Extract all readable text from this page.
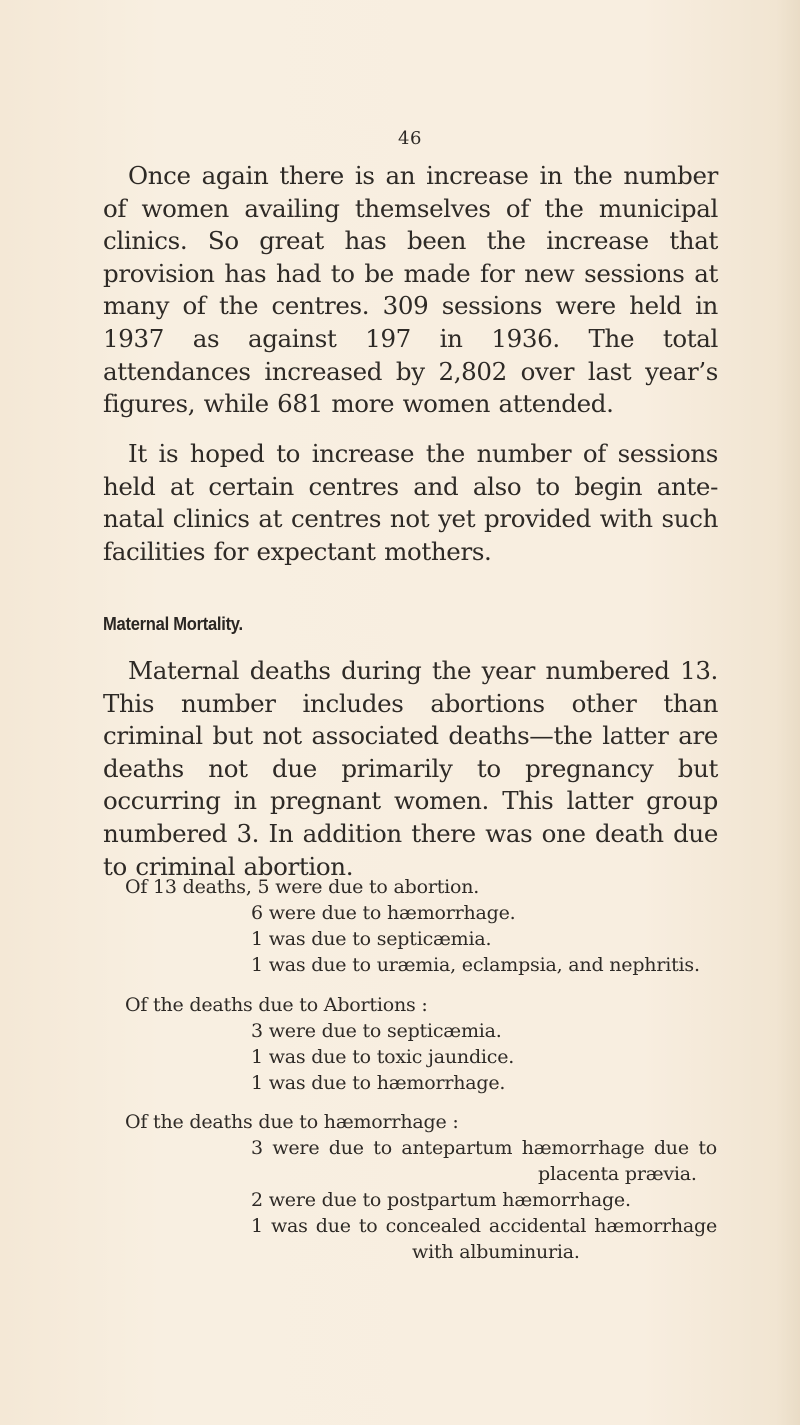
46

Once again there is an increase in the number of women availing themselves of the municipal clinics. So great has been the increase that provision has had to be made for new sessions at many of the centres. 309 sessions were held in 1937 as against 197 in 1936. The total attendances increased by 2,802 over last year’s figures, while 681 more women attended.

It is hoped to increase the number of sessions held at certain centres and also to begin ante-natal clinics at centres not yet provided with such facilities for expectant mothers.

Maternal Mortality.

Maternal deaths during the year numbered 13. This number includes abortions other than criminal but not associated deaths—the latter are deaths not due primarily to pregnancy but occurring in pregnant women. This latter group numbered 3. In addition there was one death due to criminal abortion.

Of 13 deaths, 5 were due to abortion.
6 were due to hæmorrhage.
1 was due to septicæmia.
1 was due to uræmia, eclampsia, and nephritis.
Of the deaths due to Abortions :
3 were due to septicæmia.
1 was due to toxic jaundice.
1 was due to hæmorrhage.
Of the deaths due to hæmorrhage :
3 were due to antepartum hæmorrhage due to
placenta prævia.
2 were due to postpartum hæmorrhage.
1 was due to concealed accidental hæmorrhage
with albuminuria.
